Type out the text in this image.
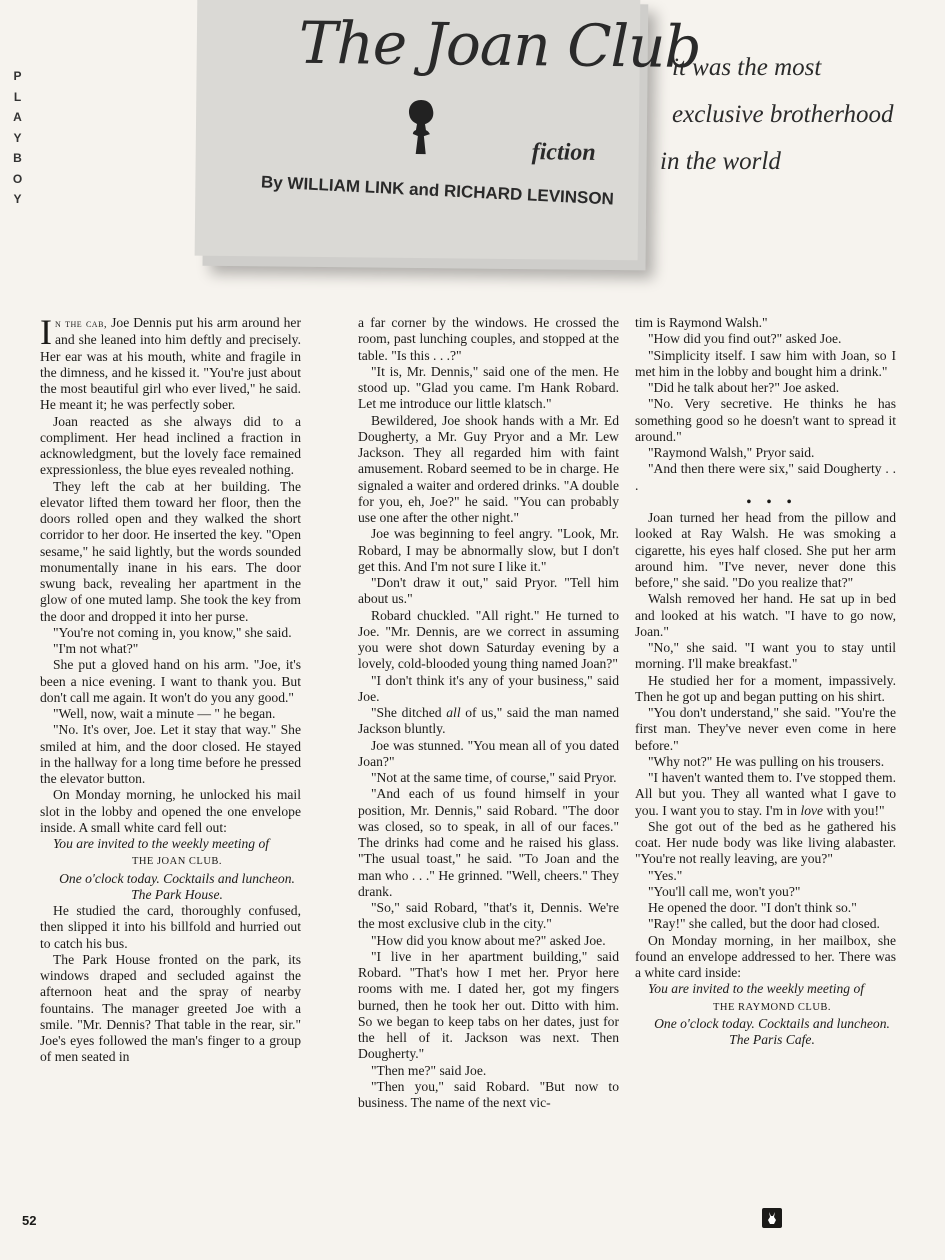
PLAYBOY
The Joan Club
fiction
By WILLIAM LINK and RICHARD LEVINSON
it was the most
exclusive brotherhood
in the world

In the cab, Joe Dennis put his arm around her and she leaned into him deftly and precisely. Her ear was at his mouth, white and fragile in the dimness, and he kissed it. "You're just about the most beautiful girl who ever lived," he said. He meant it; he was perfectly sober.

Joan reacted as she always did to a compliment. Her head inclined a fraction in acknowledgment, but the lovely face remained expressionless, the blue eyes revealed nothing.

They left the cab at her building. The elevator lifted them toward her floor, then the doors rolled open and they walked the short corridor to her door. He inserted the key. "Open sesame," he said lightly, but the words sounded monumentally inane in his ears. The door swung back, revealing her apartment in the glow of one muted lamp. She took the key from the door and dropped it into her purse.

"You're not coming in, you know," she said.

"I'm not what?"

She put a gloved hand on his arm. "Joe, it's been a nice evening. I want to thank you. But don't call me again. It won't do you any good."

"Well, now, wait a minute — " he began.

"No. It's over, Joe. Let it stay that way." She smiled at him, and the door closed. He stayed in the hallway for a long time before he pressed the elevator button.

On Monday morning, he unlocked his mail slot in the lobby and opened the one envelope inside. A small white card fell out:

You are invited to the weekly meeting of

THE JOAN CLUB.

One o'clock today. Cocktails and luncheon.

The Park House.

He studied the card, thoroughly confused, then slipped it into his billfold and hurried out to catch his bus.

The Park House fronted on the park, its windows draped and secluded against the afternoon heat and the spray of nearby fountains. The manager greeted Joe with a smile. "Mr. Dennis? That table in the rear, sir." Joe's eyes followed the man's finger to a group of men seated in

a far corner by the windows. He crossed the room, past lunching couples, and stopped at the table. "Is this . . .?"

"It is, Mr. Dennis," said one of the men. He stood up. "Glad you came. I'm Hank Robard. Let me introduce our little klatsch."

Bewildered, Joe shook hands with a Mr. Ed Dougherty, a Mr. Guy Pryor and a Mr. Lew Jackson. They all regarded him with faint amusement. Robard seemed to be in charge. He signaled a waiter and ordered drinks. "A double for you, eh, Joe?" he said. "You can probably use one after the other night."

Joe was beginning to feel angry. "Look, Mr. Robard, I may be abnormally slow, but I don't get this. And I'm not sure I like it."

"Don't draw it out," said Pryor. "Tell him about us."

Robard chuckled. "All right." He turned to Joe. "Mr. Dennis, are we correct in assuming you were shot down Saturday evening by a lovely, cold-blooded young thing named Joan?"

"I don't think it's any of your business," said Joe.

"She ditched all of us," said the man named Jackson bluntly.

Joe was stunned. "You mean all of you dated Joan?"

"Not at the same time, of course," said Pryor.

"And each of us found himself in your position, Mr. Dennis," said Robard. "The door was closed, so to speak, in all of our faces." The drinks had come and he raised his glass. "The usual toast," he said. "To Joan and the man who . . ." He grinned. "Well, cheers." They drank.

"So," said Robard, "that's it, Dennis. We're the most exclusive club in the city."

"How did you know about me?" asked Joe.

"I live in her apartment building," said Robard. "That's how I met her. Pryor here rooms with me. I dated her, got my fingers burned, then he took her out. Ditto with him. So we began to keep tabs on her dates, just for the hell of it. Jackson was next. Then Dougherty."

"Then me?" said Joe.

"Then you," said Robard. "But now to business. The name of the next vic-

tim is Raymond Walsh."

"How did you find out?" asked Joe.

"Simplicity itself. I saw him with Joan, so I met him in the lobby and bought him a drink."

"Did he talk about her?" Joe asked.

"No. Very secretive. He thinks he has something good so he doesn't want to spread it around."

"Raymond Walsh," Pryor said.

"And then there were six," said Dougherty . . .

• • •

Joan turned her head from the pillow and looked at Ray Walsh. He was smoking a cigarette, his eyes half closed. She put her arm around him. "I've never, never done this before," she said. "Do you realize that?"

Walsh removed her hand. He sat up in bed and looked at his watch. "I have to go now, Joan."

"No," she said. "I want you to stay until morning. I'll make breakfast."

He studied her for a moment, impassively. Then he got up and began putting on his shirt.

"You don't understand," she said. "You're the first man. They've never even come in here before."

"Why not?" He was pulling on his trousers.

"I haven't wanted them to. I've stopped them. All but you. They all wanted what I gave to you. I want you to stay. I'm in love with you!"

She got out of the bed as he gathered his coat. Her nude body was like living alabaster. "You're not really leaving, are you?"

"Yes."

"You'll call me, won't you?"

He opened the door. "I don't think so."

"Ray!" she called, but the door had closed.

On Monday morning, in her mailbox, she found an envelope addressed to her. There was a white card inside:

You are invited to the weekly meeting of

THE RAYMOND CLUB.

One o'clock today. Cocktails and luncheon.

The Paris Cafe.

52
